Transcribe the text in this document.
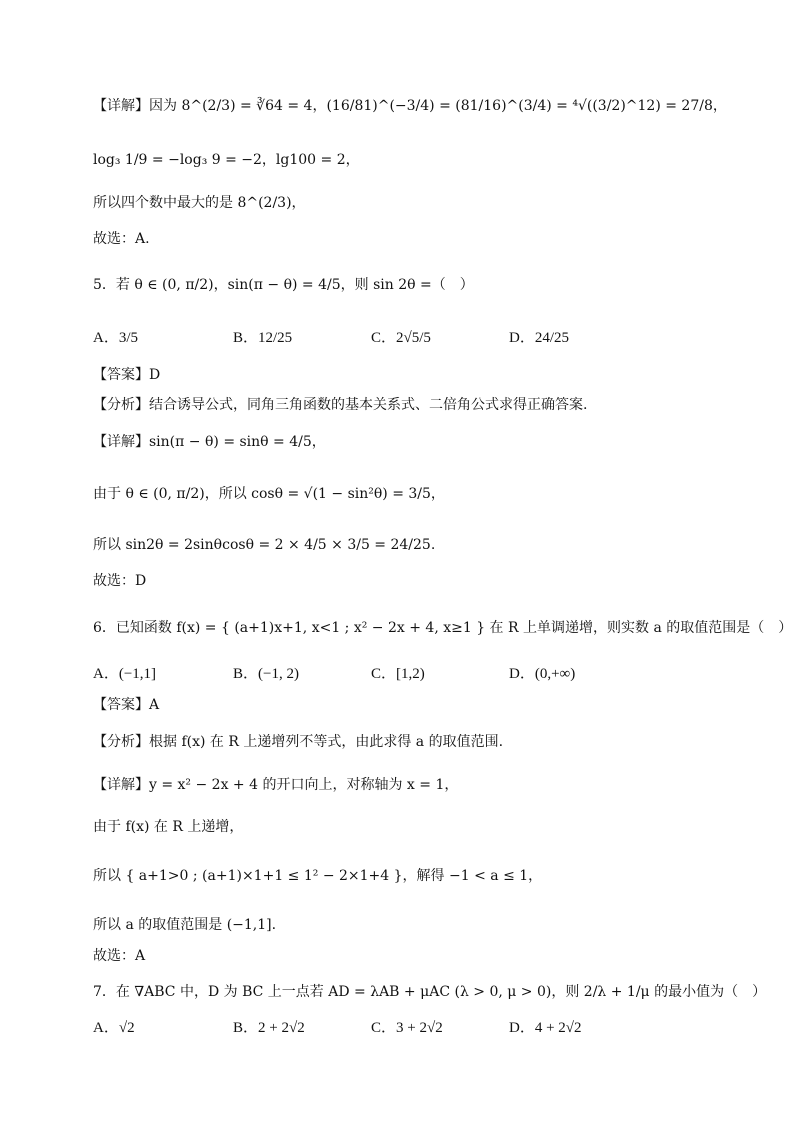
【详解】因为 8^(2/3) = ∛64 = 4，(16/81)^(−3/4) = (81/16)^(3/4) = ⁴√((3/2)^12) = 27/8，
log₃ 1/9 = −log₃ 9 = −2，lg100 = 2，
所以四个数中最大的是 8^(2/3)，
故选：A.
5．若 θ ∈ (0, π/2)，sin(π − θ) = 4/5，则 sin 2θ =（　）
A．3/5	B．12/25	C．2√5/5	D．24/25
【答案】D
【分析】结合诱导公式，同角三角函数的基本关系式、二倍角公式求得正确答案.
【详解】sin(π − θ) = sinθ = 4/5，
由于 θ ∈ (0, π/2)，所以 cosθ = √(1 − sin²θ) = 3/5，
所以 sin2θ = 2sinθcosθ = 2 × 4/5 × 3/5 = 24/25.
故选：D
6．已知函数 f(x) = { (a+1)x+1, x<1 ; x² − 2x + 4, x≥1 } 在 R 上单调递增，则实数 a 的取值范围是（　）
A．(−1,1]	B．(−1, 2)	C．[1,2)	D．(0,+∞)
【答案】A
【分析】根据 f(x) 在 R 上递增列不等式，由此求得 a 的取值范围.
【详解】y = x² − 2x + 4 的开口向上，对称轴为 x = 1，
由于 f(x) 在 R 上递增，
所以 { a+1>0 ; (a+1)×1+1 ≤ 1² − 2×1+4 }，解得 −1 < a ≤ 1，
所以 a 的取值范围是 (−1,1].
故选：A
7．在 ∇ABC 中，D 为 BC 上一点若 AD = λAB + μAC (λ > 0, μ > 0)，则 2/λ + 1/μ 的最小值为（　）
A．√2	B．2 + 2√2	C．3 + 2√2	D．4 + 2√2
